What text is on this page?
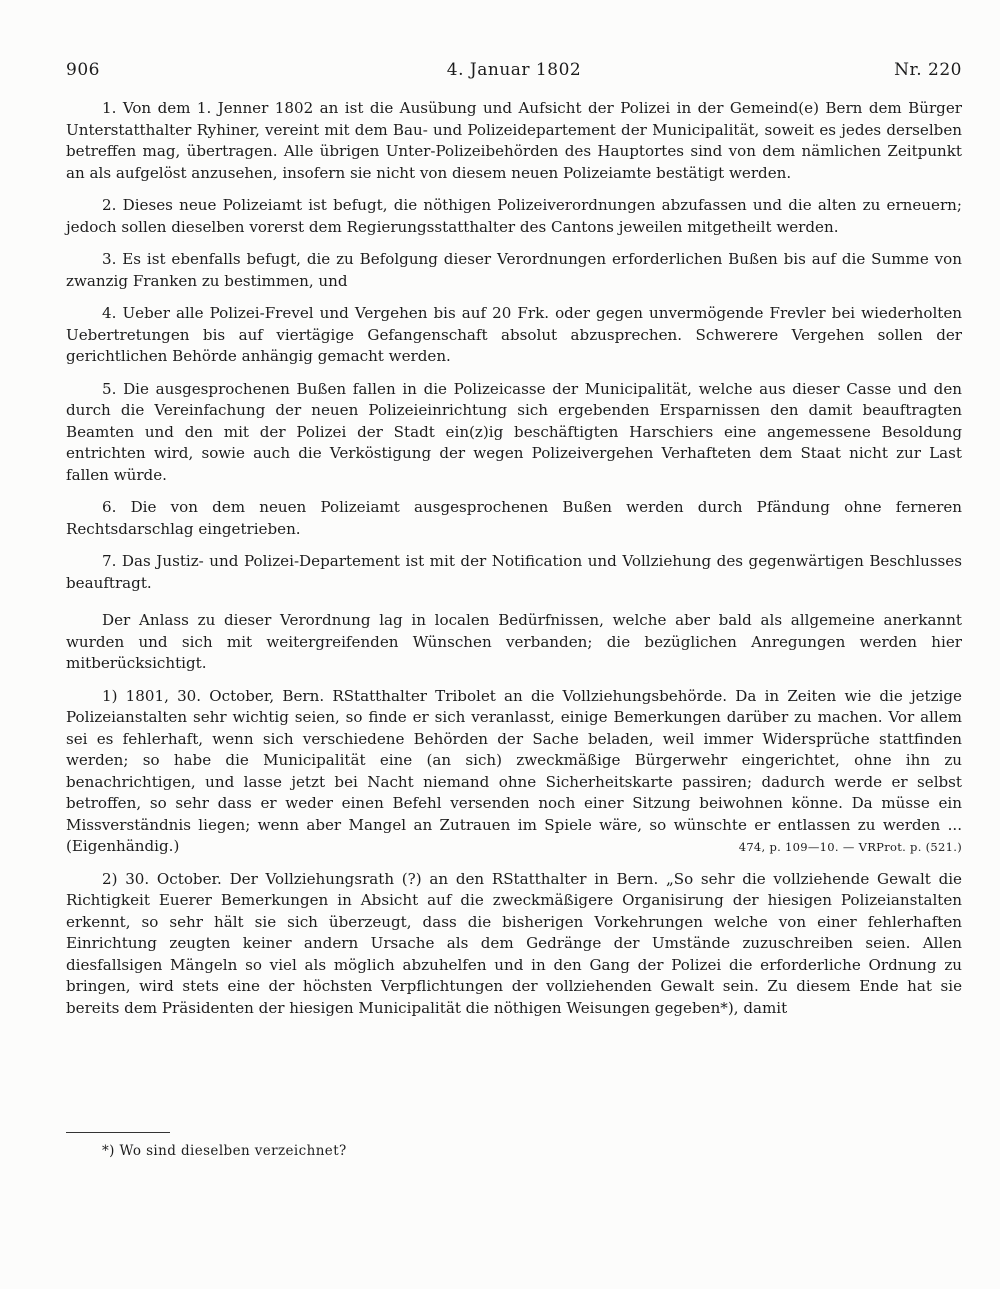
906	4. Januar 1802	Nr. 220

1. Von dem 1. Jenner 1802 an ist die Ausübung und Aufsicht der Polizei in der Gemeind(e) Bern dem Bürger Unterstatthalter Ryhiner, vereint mit dem Bau- und Polizeidepartement der Municipalität, soweit es jedes derselben betreffen mag, übertragen. Alle übrigen Unter-Polizeibehörden des Hauptortes sind von dem nämlichen Zeitpunkt an als aufgelöst anzusehen, insofern sie nicht von diesem neuen Polizeiamte bestätigt werden.

2. Dieses neue Polizeiamt ist befugt, die nöthigen Polizeiverordnungen abzufassen und die alten zu erneuern; jedoch sollen dieselben vorerst dem Regierungsstatthalter des Cantons jeweilen mitgetheilt werden.

3. Es ist ebenfalls befugt, die zu Befolgung dieser Verordnungen erforderlichen Bußen bis auf die Summe von zwanzig Franken zu bestimmen, und

4. Ueber alle Polizei-Frevel und Vergehen bis auf 20 Frk. oder gegen unvermögende Frevler bei wiederholten Uebertretungen bis auf viertägige Gefangenschaft absolut abzusprechen. Schwerere Vergehen sollen der gerichtlichen Behörde anhängig gemacht werden.

5. Die ausgesprochenen Bußen fallen in die Polizeicasse der Municipalität, welche aus dieser Casse und den durch die Vereinfachung der neuen Polizeieinrichtung sich ergebenden Ersparnissen den damit beauftragten Beamten und den mit der Polizei der Stadt ein(z)ig beschäftigten Harschiers eine angemessene Besoldung entrichten wird, sowie auch die Verköstigung der wegen Polizeivergehen Verhafteten dem Staat nicht zur Last fallen würde.

6. Die von dem neuen Polizeiamt ausgesprochenen Bußen werden durch Pfändung ohne ferneren Rechtsdarschlag eingetrieben.

7. Das Justiz- und Polizei-Departement ist mit der Notification und Vollziehung des gegenwärtigen Beschlusses beauftragt.

Der Anlass zu dieser Verordnung lag in localen Bedürfnissen, welche aber bald als allgemeine anerkannt wurden und sich mit weitergreifenden Wünschen verbanden; die bezüglichen Anregungen werden hier mitberücksichtigt.

1) 1801, 30. October, Bern. RStatthalter Tribolet an die Vollziehungsbehörde. Da in Zeiten wie die jetzige Polizeianstalten sehr wichtig seien, so finde er sich veranlasst, einige Bemerkungen darüber zu machen. Vor allem sei es fehlerhaft, wenn sich verschiedene Behörden der Sache beladen, weil immer Widersprüche stattfinden werden; so habe die Municipalität eine (an sich) zweckmäßige Bürgerwehr eingerichtet, ohne ihn zu benachrichtigen, und lasse jetzt bei Nacht niemand ohne Sicherheitskarte passiren; dadurch werde er selbst betroffen, so sehr dass er weder einen Befehl versenden noch einer Sitzung beiwohnen könne. Da müsse ein Missverständnis liegen; wenn aber Mangel an Zutrauen im Spiele wäre, so wünschte er entlassen zu werden ... (Eigenhändig.)	474, p. 109—10. — VRProt. p. (521.)

2) 30. October. Der Vollziehungsrath (?) an den RStatthalter in Bern. „So sehr die vollziehende Gewalt die Richtigkeit Euerer Bemerkungen in Absicht auf die zweckmäßigere Organisirung der hiesigen Polizeianstalten erkennt, so sehr hält sie sich überzeugt, dass die bisherigen Vorkehrungen welche von einer fehlerhaften Einrichtung zeugten keiner andern Ursache als dem Gedränge der Umstände zuzuschreiben seien. Allen diesfallsigen Mängeln so viel als möglich abzuhelfen und in den Gang der Polizei die erforderliche Ordnung zu bringen, wird stets eine der höchsten Verpflichtungen der vollziehenden Gewalt sein. Zu diesem Ende hat sie bereits dem Präsidenten der hiesigen Municipalität die nöthigen Weisungen gegeben*), damit

*) Wo sind dieselben verzeichnet?
